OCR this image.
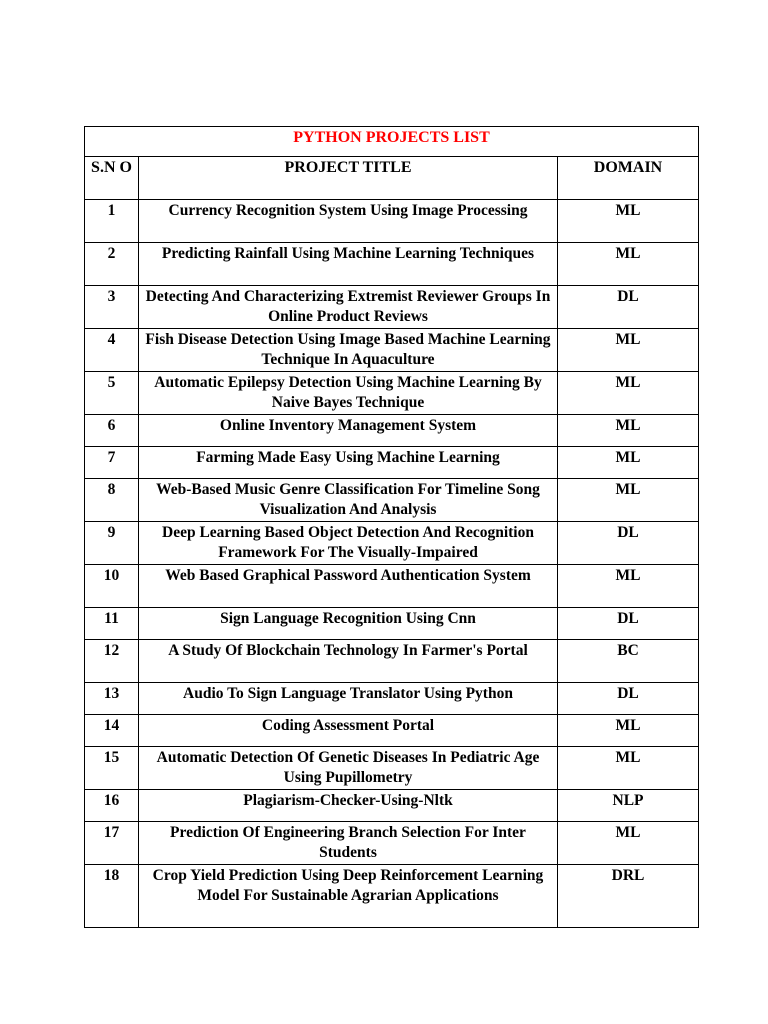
PYTHON PROJECTS LIST		
S.N O	PROJECT TITLE	DOMAIN
1	Currency Recognition System Using Image Processing	ML
2	Predicting Rainfall Using Machine Learning Techniques	ML
3	Detecting And Characterizing Extremist Reviewer Groups In Online Product Reviews	DL
4	Fish Disease Detection Using Image Based Machine Learning Technique In Aquaculture	ML
5	Automatic Epilepsy Detection Using Machine Learning By Naive Bayes Technique	ML
6	Online Inventory Management System	ML
7	Farming Made Easy Using Machine Learning	ML
8	Web-Based Music Genre Classification For Timeline Song Visualization And Analysis	ML
9	Deep Learning Based Object Detection And Recognition Framework For The Visually-Impaired	DL
10	Web Based Graphical Password Authentication System	ML
11	Sign Language Recognition Using Cnn	DL
12	A Study Of Blockchain Technology In Farmer's Portal	BC
13	Audio To Sign Language Translator Using Python	DL
14	Coding Assessment Portal	ML
15	Automatic Detection Of Genetic Diseases In Pediatric Age Using Pupillometry	ML
16	Plagiarism-Checker-Using-Nltk	NLP
17	Prediction Of Engineering Branch Selection For Inter Students	ML
18	Crop Yield Prediction Using Deep Reinforcement Learning Model For Sustainable Agrarian Applications	DRL
